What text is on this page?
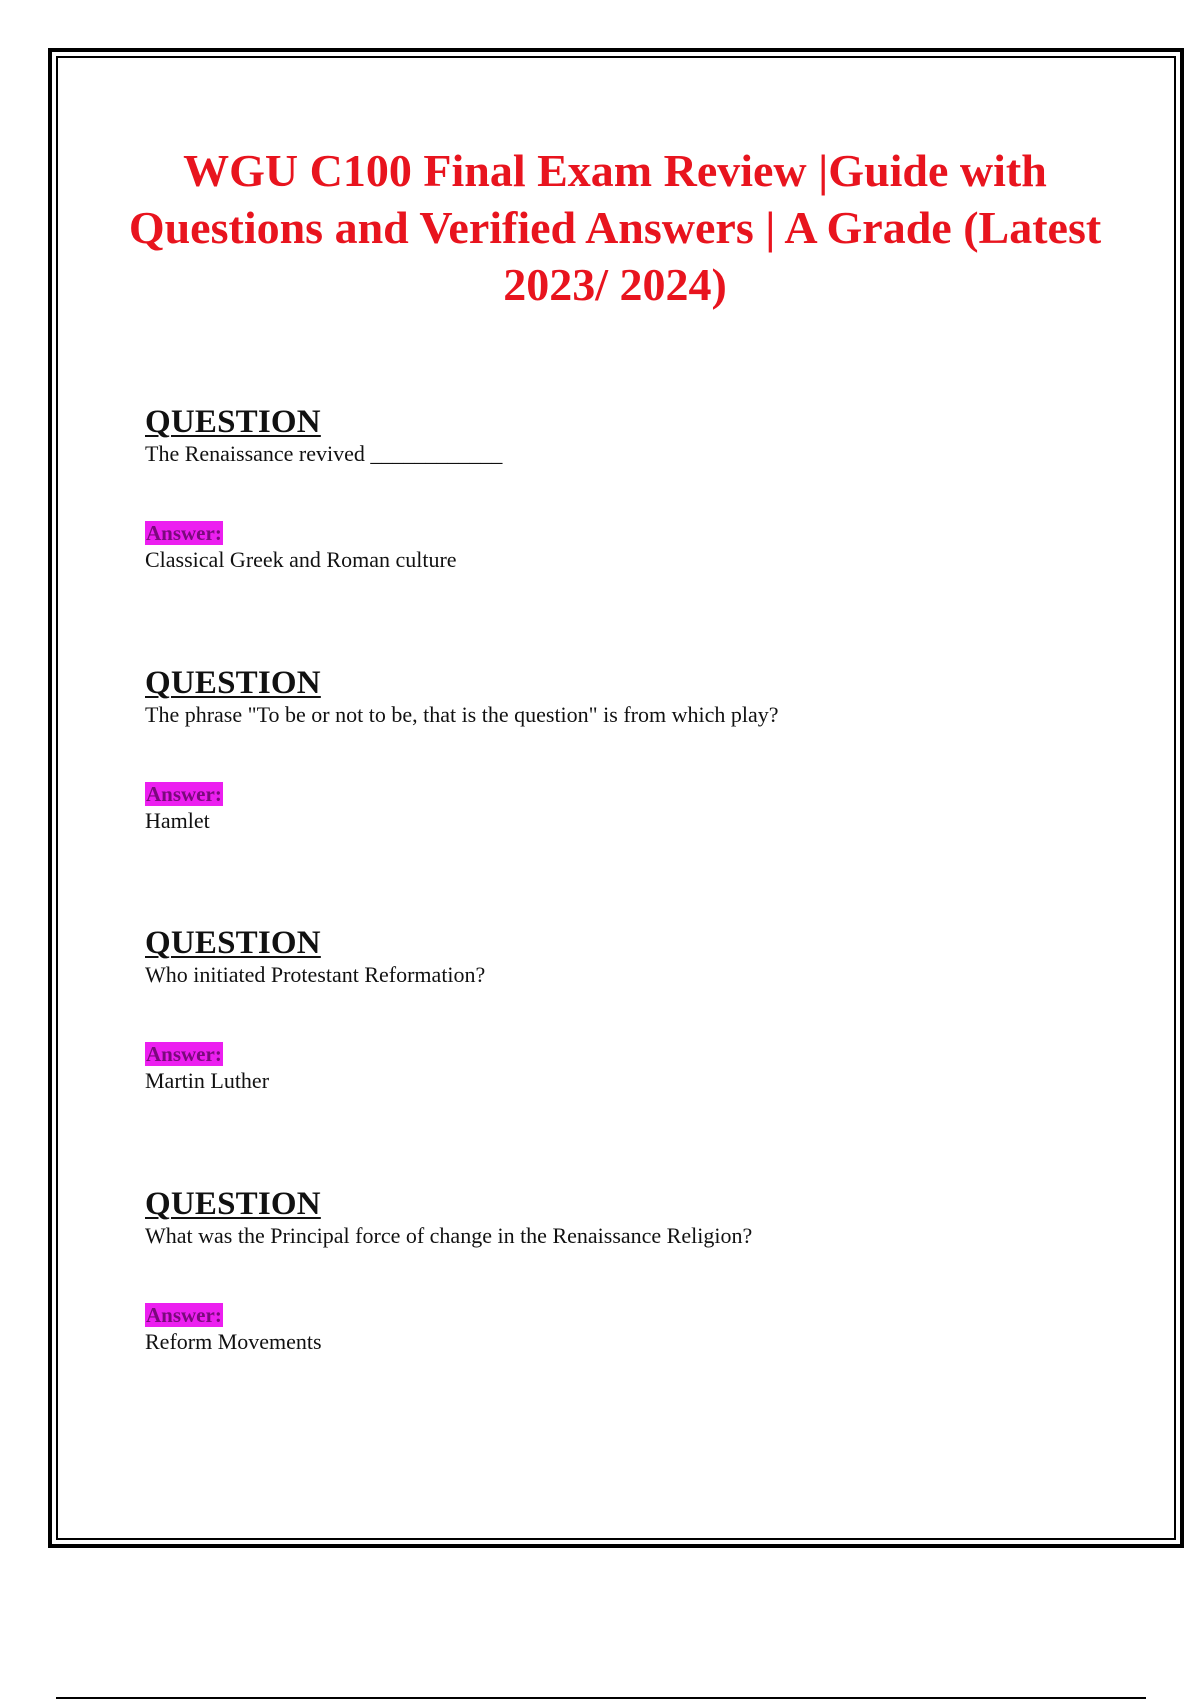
WGU C100 Final Exam Review |Guide with Questions and Verified Answers | A Grade (Latest 2023/ 2024)
QUESTION
The Renaissance revived ____________
Answer:
Classical Greek and Roman culture
QUESTION
The phrase "To be or not to be, that is the question" is from which play?
Answer:
Hamlet
QUESTION
Who initiated Protestant Reformation?
Answer:
Martin Luther
QUESTION
What was the Principal force of change in the Renaissance Religion?
Answer:
Reform Movements
